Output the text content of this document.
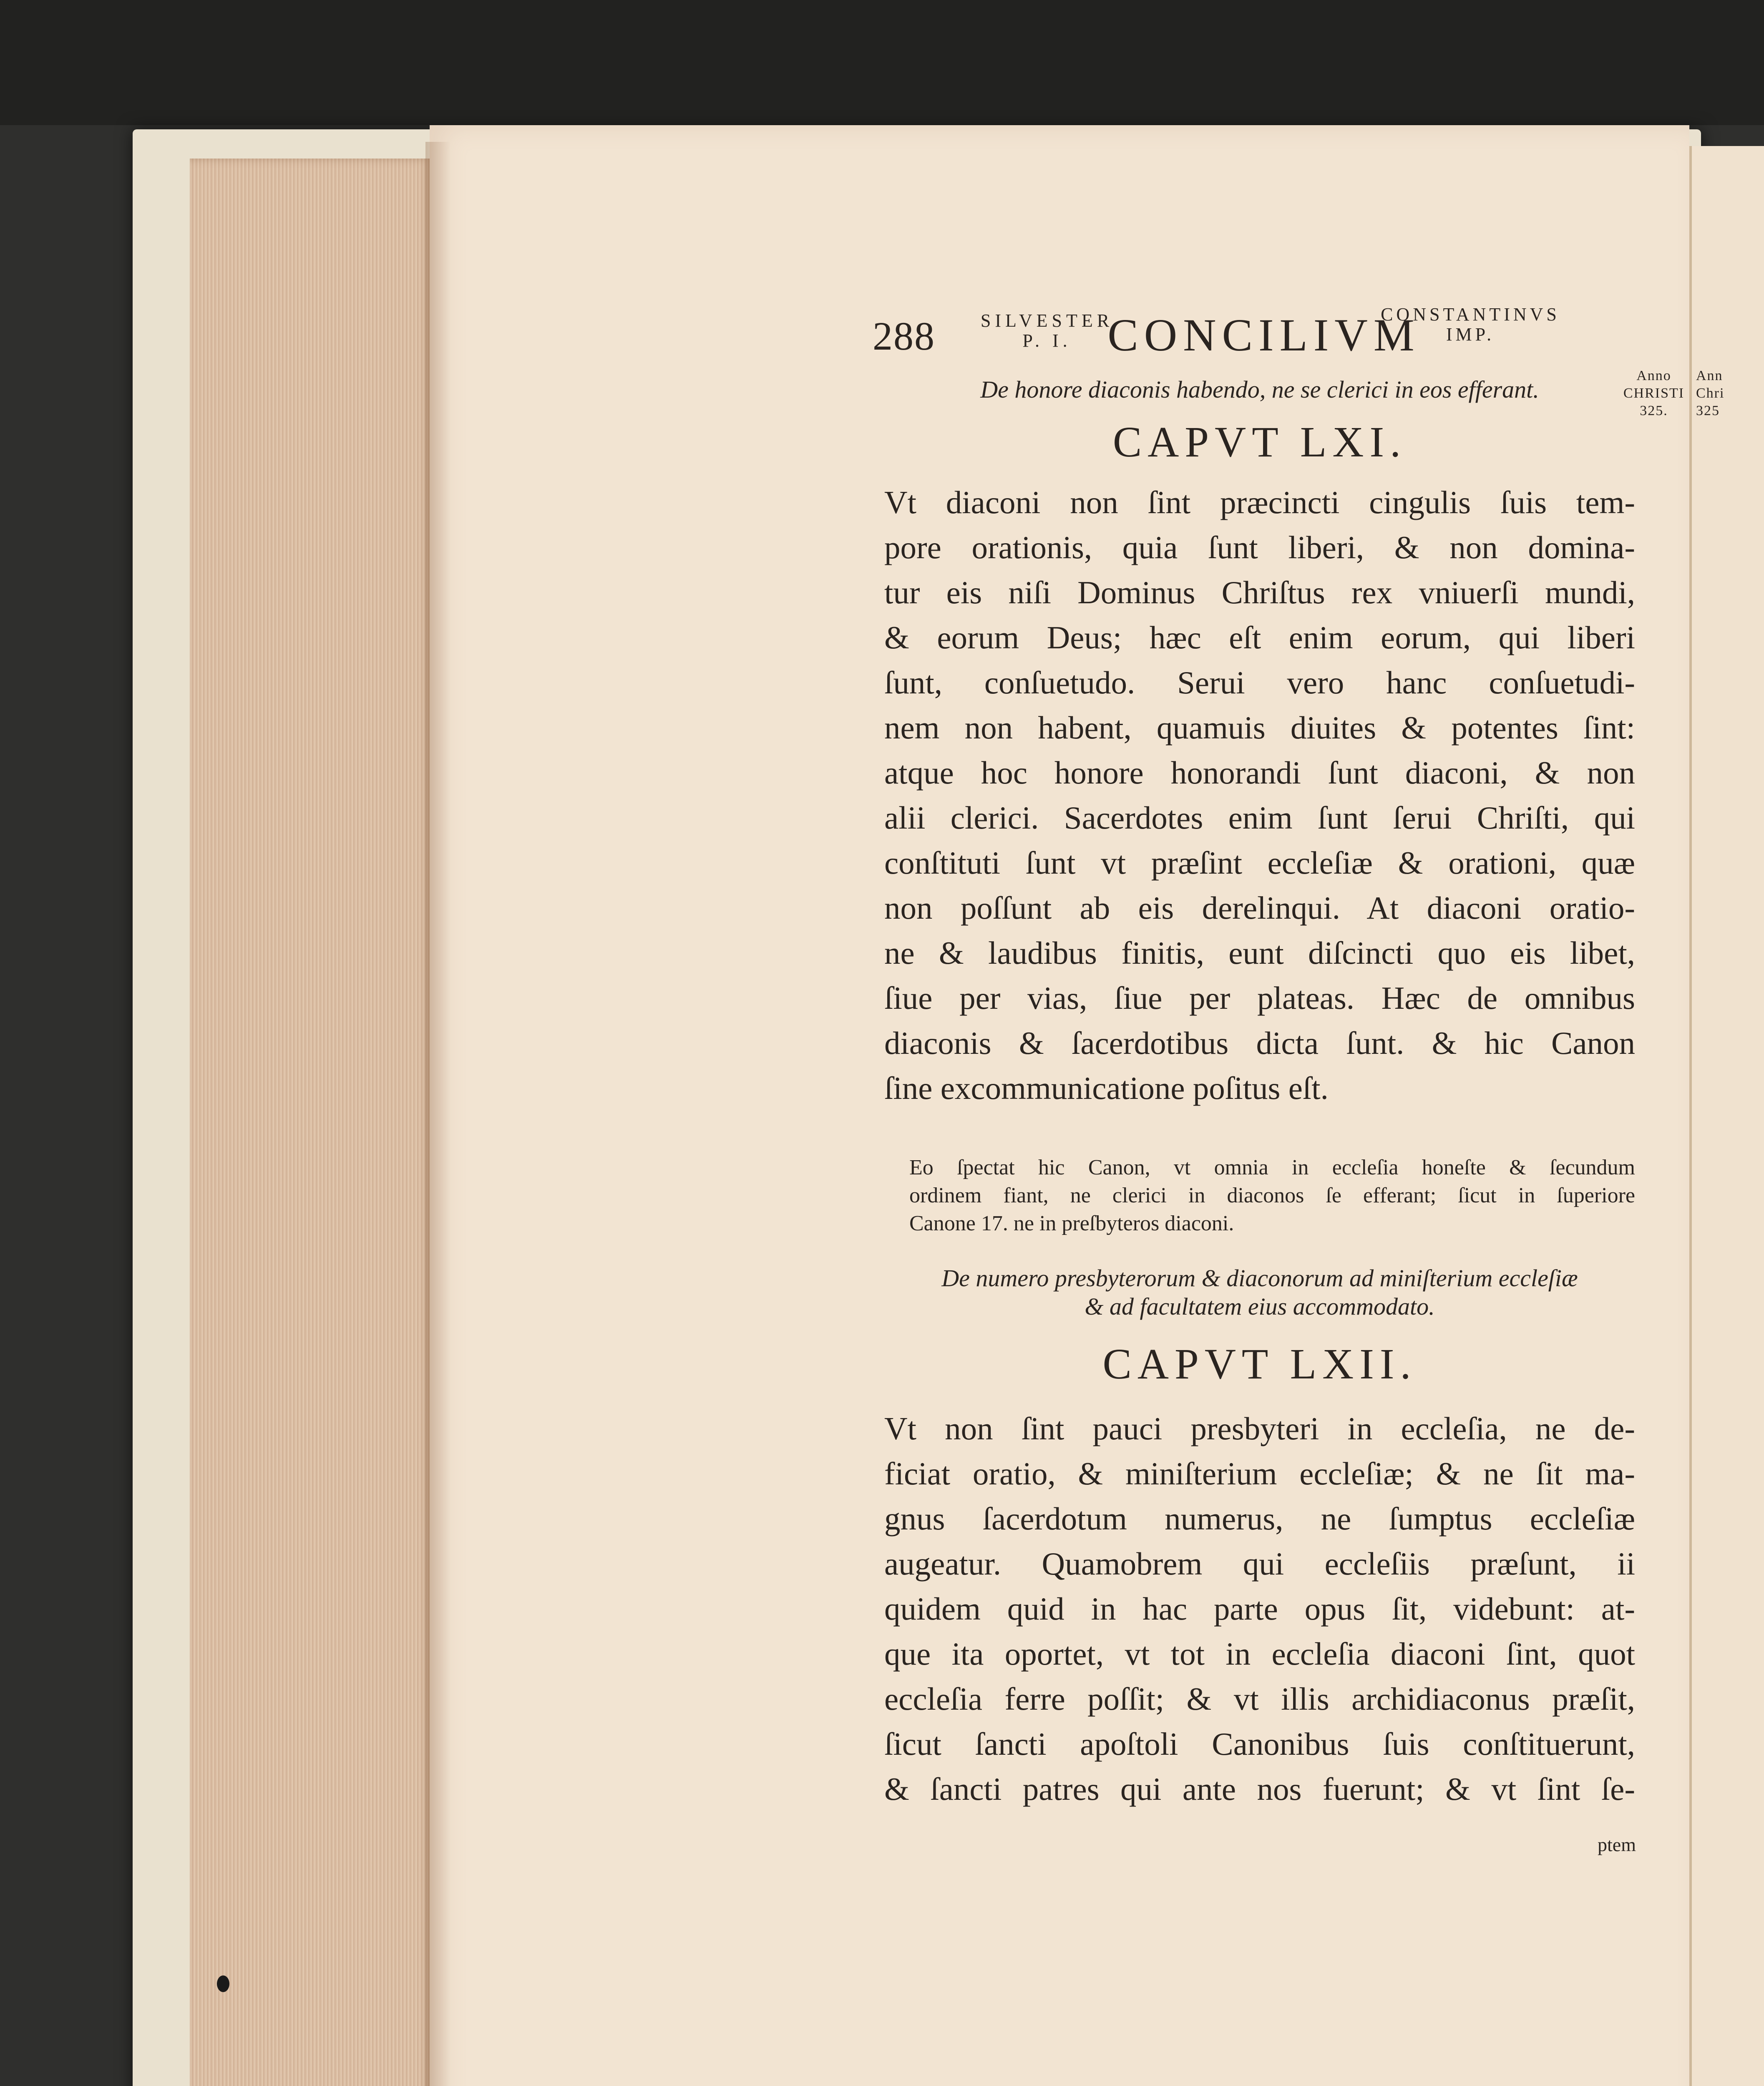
Ann
Chri
325
288	SILVESTER
P. I. CONCILIVM
CONSTANTINVS
IMP.
Anno
CHRISTI
325.
De honore diaconis habendo, ne se clerici in eos efferant.
CAPVT LXI.
Vt diaconi non ſint præcincti cingulis ſuis tem-
pore orationis, quia ſunt liberi, & non domina-
tur eis niſi Dominus Chriſtus rex vniuerſi mundi,
& eorum Deus; hæc eſt enim eorum, qui liberi
ſunt, conſuetudo. Serui vero hanc conſuetudi-
nem non habent, quamuis diuites & potentes ſint:
atque hoc honore honorandi ſunt diaconi, & non
alii clerici. Sacerdotes enim ſunt ſerui Chriſti, qui
conſtituti ſunt vt præſint eccleſiæ & orationi, quæ
non poſſunt ab eis derelinqui. At diaconi oratio-
ne & laudibus finitis, eunt diſcincti quo eis libet,
ſiue per vias, ſiue per plateas. Hæc de omnibus
diaconis & ſacerdotibus dicta ſunt. & hic Canon
ſine excommunicatione poſitus eſt.
Eo ſpectat hic Canon, vt omnia in eccleſia honeſte & ſecundum
ordinem fiant, ne clerici in diaconos ſe efferant; ſicut in ſuperiore
Canone 17. ne in preſbyteros diaconi.
De numero presbyterorum & diaconorum ad miniſterium eccleſiæ
& ad facultatem eius accommodato.
CAPVT LXII.
Vt non ſint pauci presbyteri in eccleſia, ne de-
ficiat oratio, & miniſterium eccleſiæ; & ne ſit ma-
gnus ſacerdotum numerus, ne ſumptus eccleſiæ
augeatur. Quamobrem qui eccleſiis præſunt, ii
quidem quid in hac parte opus ſit, videbunt: at-
que ita oportet, vt tot in eccleſia diaconi ſint, quot
eccleſia ferre poſſit; & vt illis archidiaconus præſit,
ſicut ſancti apoſtoli Canonibus ſuis conſtituerunt,
& ſancti patres qui ante nos fuerunt; & vt ſint ſe-
ptem
